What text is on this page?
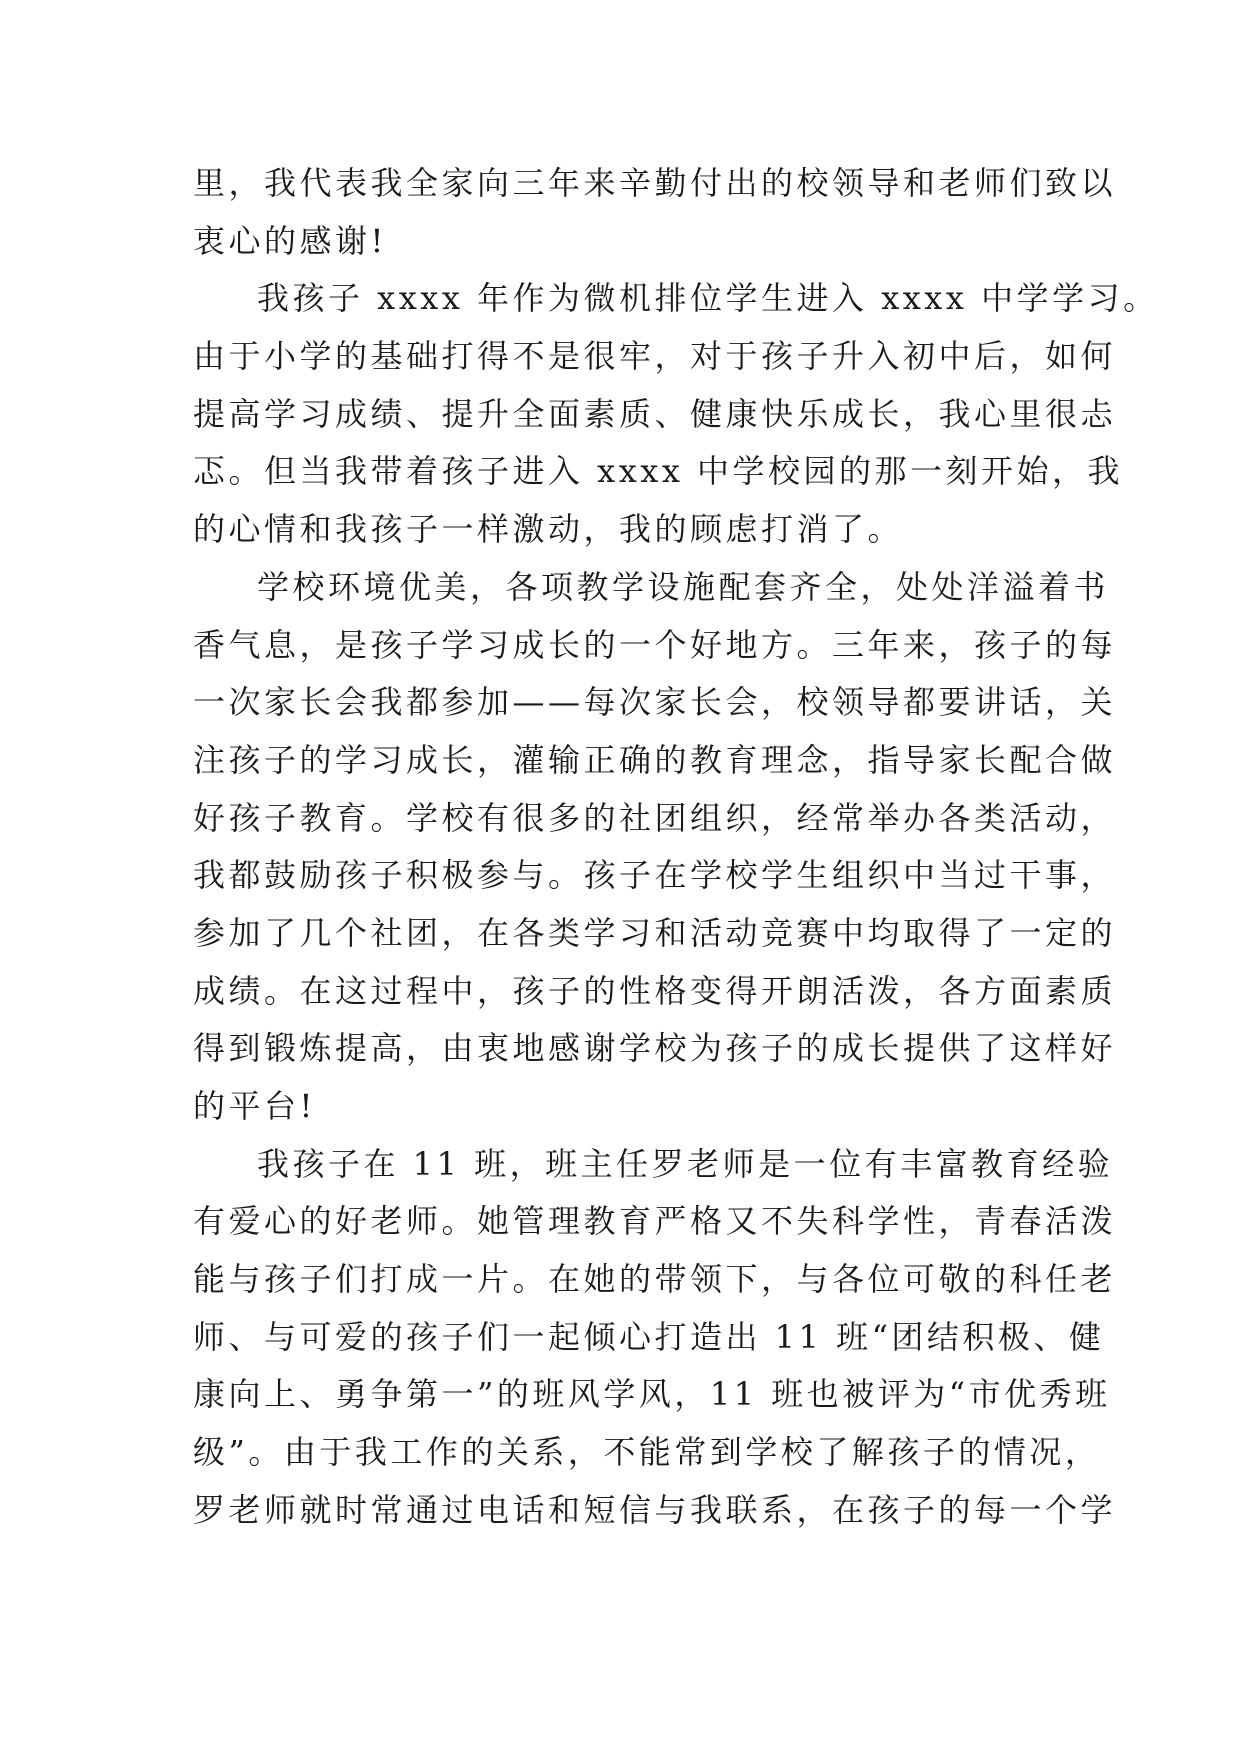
里，我代表我全家向三年来辛勤付出的校领导和老师们致以
衷心的感谢!
我孩子 xxxx 年作为微机排位学生进入 xxxx 中学学习。
由于小学的基础打得不是很牢，对于孩子升入初中后，如何
提高学习成绩、提升全面素质、健康快乐成长，我心里很忐
忑。但当我带着孩子进入 xxxx 中学校园的那一刻开始，我
的心情和我孩子一样激动，我的顾虑打消了。
学校环境优美，各项教学设施配套齐全，处处洋溢着书
香气息，是孩子学习成长的一个好地方。三年来，孩子的每
一次家长会我都参加——每次家长会，校领导都要讲话，关
注孩子的学习成长，灌输正确的教育理念，指导家长配合做
好孩子教育。学校有很多的社团组织，经常举办各类活动，
我都鼓励孩子积极参与。孩子在学校学生组织中当过干事，
参加了几个社团，在各类学习和活动竞赛中均取得了一定的
成绩。在这过程中，孩子的性格变得开朗活泼，各方面素质
得到锻炼提高，由衷地感谢学校为孩子的成长提供了这样好
的平台!
我孩子在 11 班，班主任罗老师是一位有丰富教育经验
有爱心的好老师。她管理教育严格又不失科学性，青春活泼
能与孩子们打成一片。在她的带领下，与各位可敬的科任老
师、与可爱的孩子们一起倾心打造出 11 班“团结积极、健
康向上、勇争第一”的班风学风，11 班也被评为“市优秀班
级”。由于我工作的关系，不能常到学校了解孩子的情况，
罗老师就时常通过电话和短信与我联系，在孩子的每一个学
